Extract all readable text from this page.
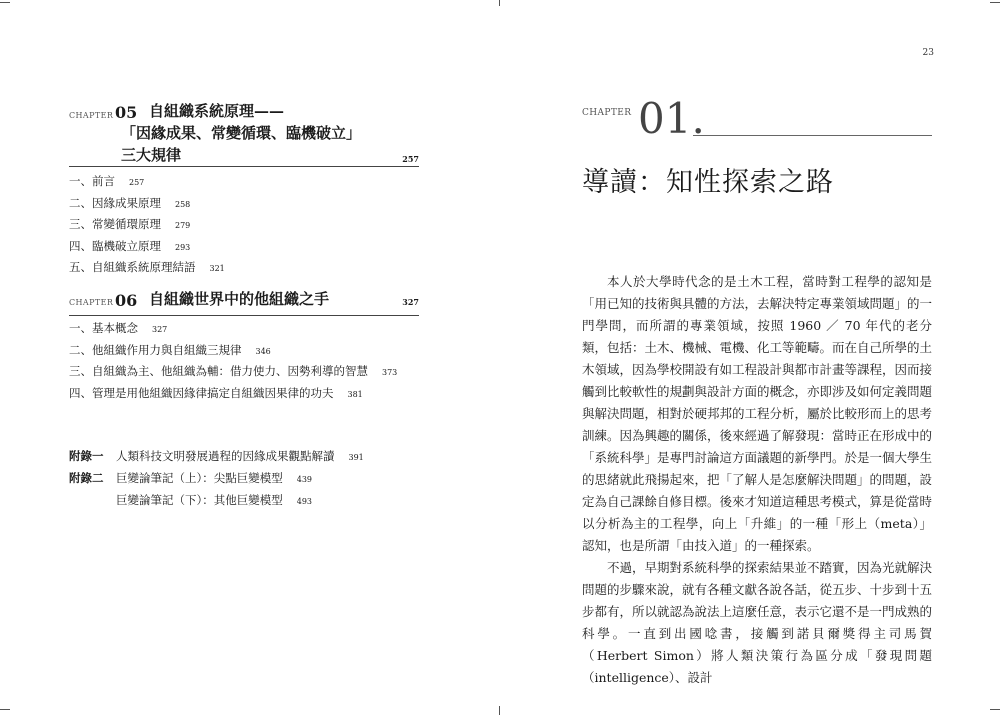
23
CHAPTER 05 自組織系統原理——
「因緣成果、常變循環、臨機破立」
三大規律	257
一、前言 257
二、因緣成果原理 258
三、常變循環原理 279
四、臨機破立原理 293
五、自組織系統原理結語 321
CHAPTER 06 自組織世界中的他組織之手	327
一、基本概念 327
二、他組織作用力與自組織三規律 346
三、自組織為主、他組織為輔：借力使力、因勢利導的智慧 373
四、管理是用他組織因緣律搞定自組織因果律的功夫 381
附錄一 人類科技文明發展過程的因緣成果觀點解讀 391
附錄二 巨變論筆記（上）：尖點巨變模型 439
巨變論筆記（下）：其他巨變模型 493
CHAPTER 01.
導讀：知性探索之路

本人於大學時代念的是土木工程，當時對工程學的認知是「用已知的技術與具體的方法，去解決特定專業領域問題」的一門學問，而所謂的專業領域，按照 1960 ／ 70 年代的老分類，包括：土木、機械、電機、化工等範疇。而在自己所學的土木領域，因為學校開設有如工程設計與都市計畫等課程，因而接觸到比較軟性的規劃與設計方面的概念，亦即涉及如何定義問題與解決問題，相對於硬邦邦的工程分析，屬於比較形而上的思考訓練。因為興趣的關係，後來經過了解發現：當時正在形成中的「系統科學」是專門討論這方面議題的新學門。於是一個大學生的思緒就此飛揚起來，把「了解人是怎麼解決問題」的問題，設定為自己課餘自修目標。後來才知道這種思考模式，算是從當時以分析為主的工程學，向上「升維」的一種「形上（meta）」認知，也是所謂「由技入道」的一種探索。

不過，早期對系統科學的探索結果並不踏實，因為光就解決問題的步驟來說，就有各種文獻各說各話，從五步、十步到十五步都有，所以就認為說法上這麼任意，表示它還不是一門成熟的科學。一直到出國唸書，接觸到諾貝爾獎得主司馬賀（Herbert Simon）將人類決策行為區分成「發現問題（intelligence）、設計
